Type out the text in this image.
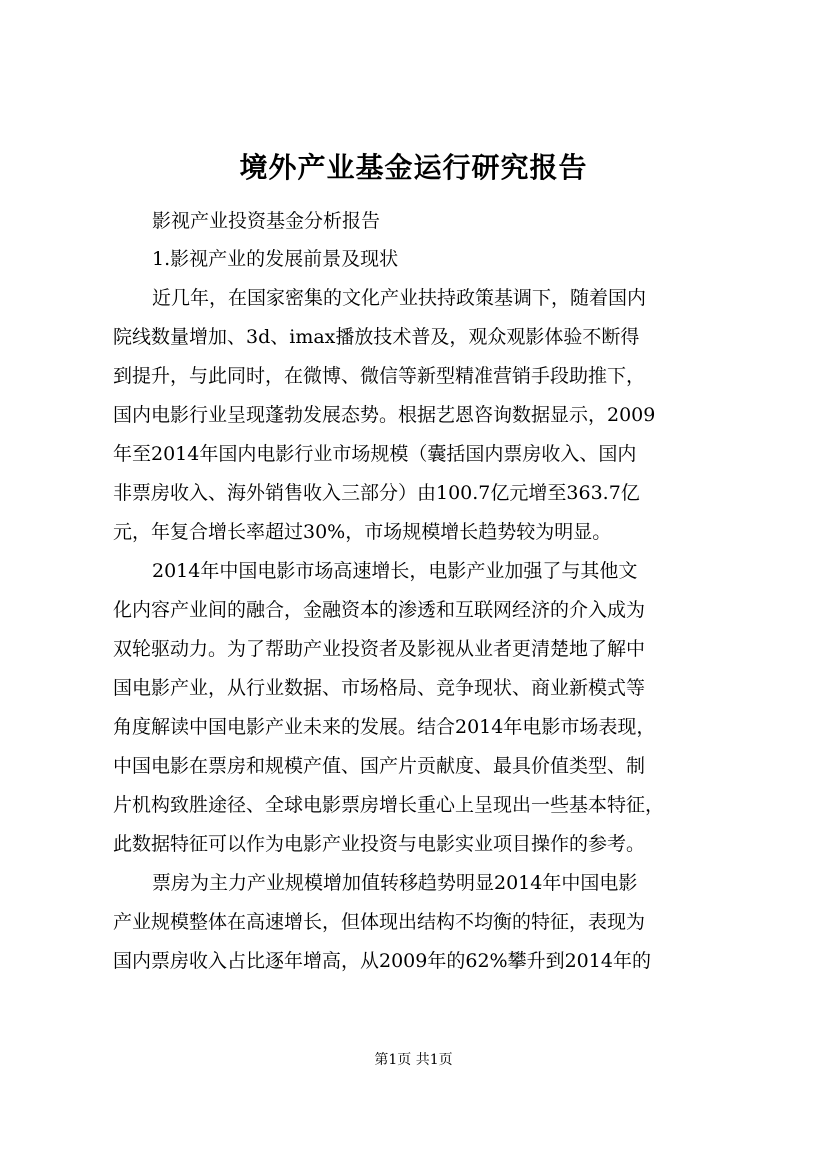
境外产业基金运行研究报告

影视产业投资基金分析报告

1.影视产业的发展前景及现状

近几年，在国家密集的文化产业扶持政策基调下，随着国内

院线数量增加、3d、imax播放技术普及，观众观影体验不断得

到提升，与此同时，在微博、微信等新型精准营销手段助推下，

国内电影行业呈现蓬勃发展态势。根据艺恩咨询数据显示，2009

年至2014年国内电影行业市场规模（囊括国内票房收入、国内

非票房收入、海外销售收入三部分）由100.7亿元增至363.7亿

元，年复合增长率超过30%，市场规模增长趋势较为明显。

2014年中国电影市场高速增长，电影产业加强了与其他文

化内容产业间的融合，金融资本的渗透和互联网经济的介入成为

双轮驱动力。为了帮助产业投资者及影视从业者更清楚地了解中

国电影产业，从行业数据、市场格局、竞争现状、商业新模式等

角度解读中国电影产业未来的发展。结合2014年电影市场表现，

中国电影在票房和规模产值、国产片贡献度、最具价值类型、制

片机构致胜途径、全球电影票房增长重心上呈现出一些基本特征，

此数据特征可以作为电影产业投资与电影实业项目操作的参考。

票房为主力产业规模增加值转移趋势明显2014年中国电影

产业规模整体在高速增长，但体现出结构不均衡的特征，表现为

国内票房收入占比逐年增高，从2009年的62%攀升到2014年的

第1页 共1页
